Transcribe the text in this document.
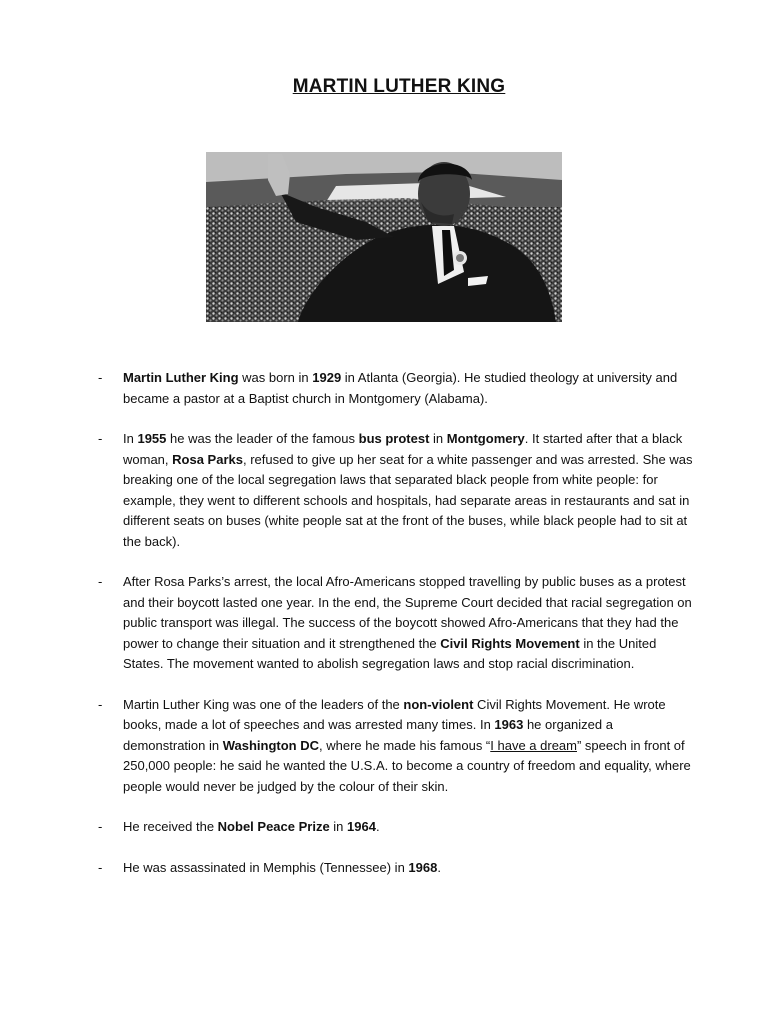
MARTIN LUTHER KING
- Martin Luther King was born in 1929 in Atlanta (Georgia). He studied theology at university and became a pastor at a Baptist church in Montgomery (Alabama).
- In 1955 he was the leader of the famous bus protest in Montgomery. It started after that a black woman, Rosa Parks, refused to give up her seat for a white passenger and was arrested. She was breaking one of the local segregation laws that separated black people from white people: for example, they went to different schools and hospitals, had separate areas in restaurants and sat in different seats on buses (white people sat at the front of the buses, while black people had to sit at the back).
- After Rosa Parks’s arrest, the local Afro-Americans stopped travelling by public buses as a protest and their boycott lasted one year. In the end, the Supreme Court decided that racial segregation on public transport was illegal. The success of the boycott showed Afro-Americans that they had the power to change their situation and it strengthened the Civil Rights Movement in the United States. The movement wanted to abolish segregation laws and stop racial discrimination.
- Martin Luther King was one of the leaders of the non-violent Civil Rights Movement. He wrote books, made a lot of speeches and was arrested many times. In 1963 he organized a demonstration in Washington DC, where he made his famous “I have a dream” speech in front of 250,000 people: he said he wanted the U.S.A. to become a country of freedom and equality, where people would never be judged by the colour of their skin.
- He received the Nobel Peace Prize in 1964.
- He was assassinated in Memphis (Tennessee) in 1968.
